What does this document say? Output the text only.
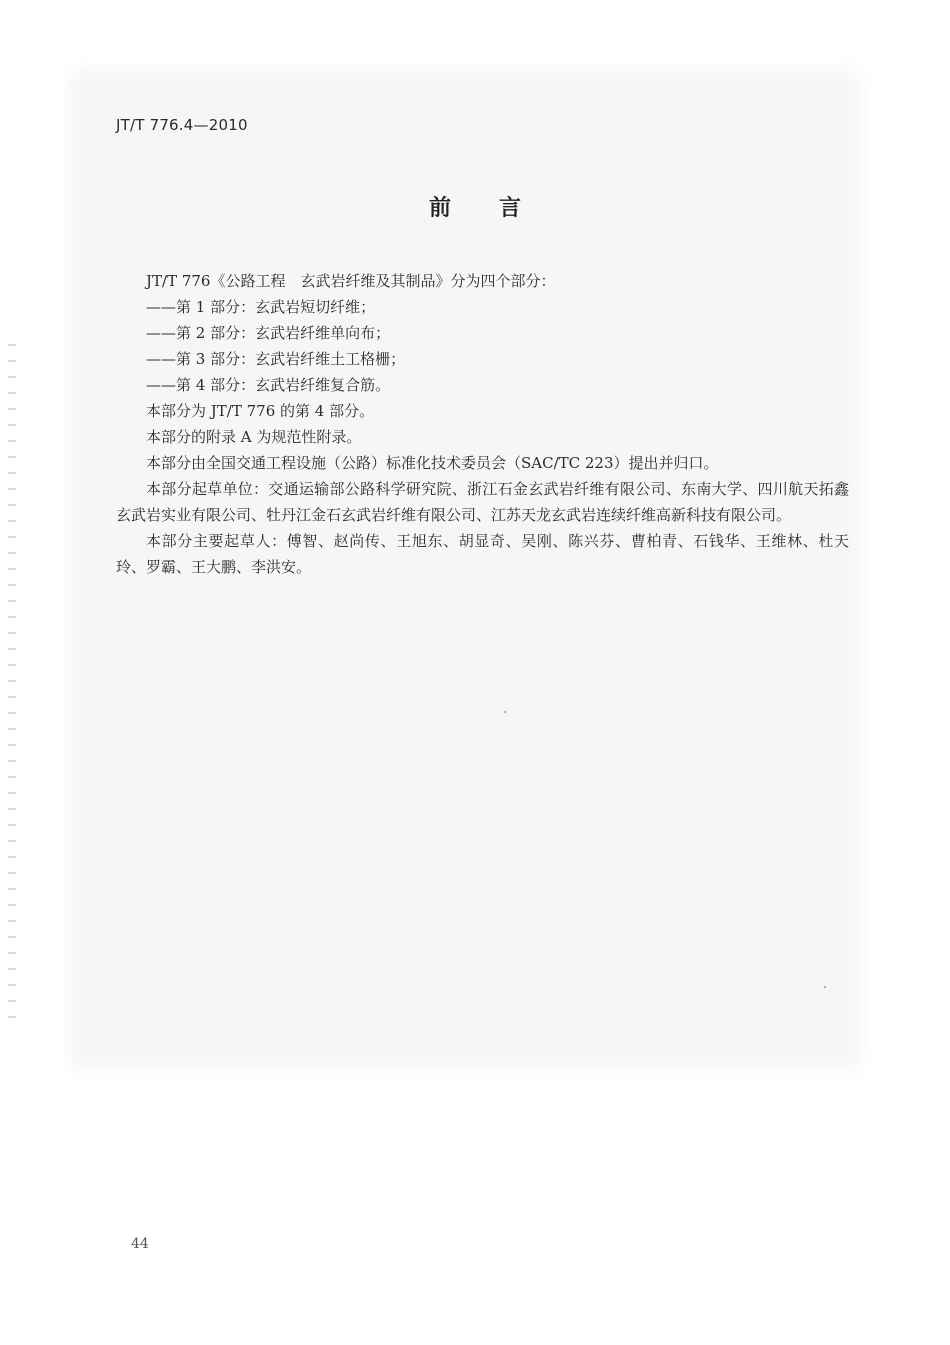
JT/T 776.4—2010
前言

JT/T 776《公路工程　玄武岩纤维及其制品》分为四个部分：

——第 1 部分：玄武岩短切纤维；

——第 2 部分：玄武岩纤维单向布；

——第 3 部分：玄武岩纤维土工格栅；

——第 4 部分：玄武岩纤维复合筋。

本部分为 JT/T 776 的第 4 部分。

本部分的附录 A 为规范性附录。

本部分由全国交通工程设施（公路）标准化技术委员会（SAC/TC 223）提出并归口。

本部分起草单位：交通运输部公路科学研究院、浙江石金玄武岩纤维有限公司、东南大学、四川航天拓鑫玄武岩实业有限公司、牡丹江金石玄武岩纤维有限公司、江苏天龙玄武岩连续纤维高新科技有限公司。

本部分主要起草人：傅智、赵尚传、王旭东、胡显奇、吴刚、陈兴芬、曹柏青、石钱华、王维林、杜天玲、罗霸、王大鹏、李洪安。

44
